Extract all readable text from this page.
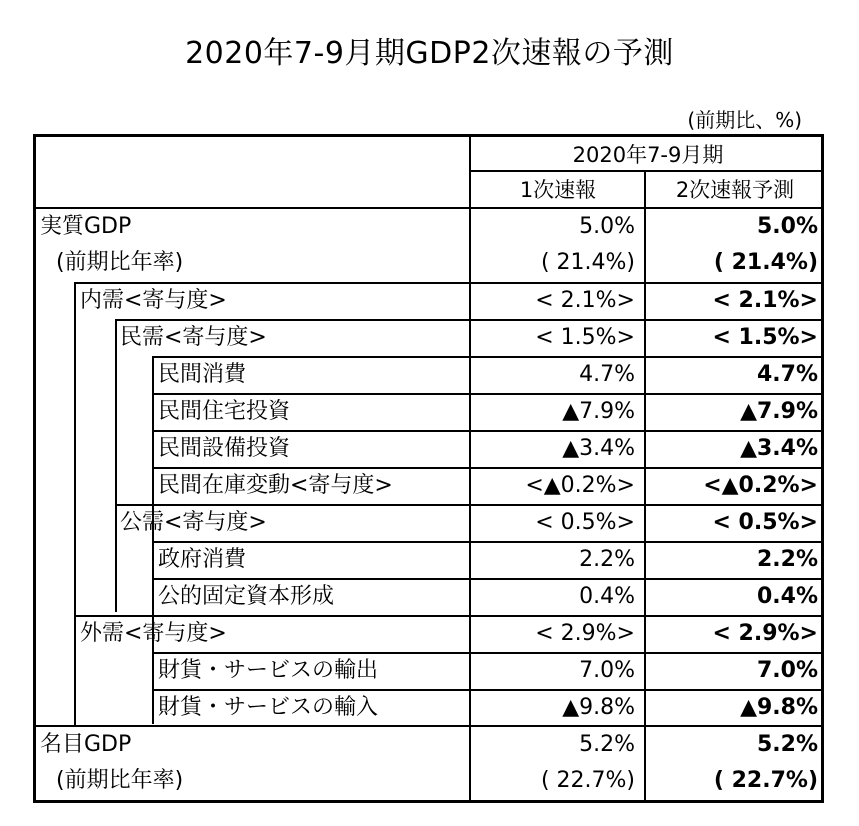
2020年7-9月期GDP2次速報の予測
(前期比、%)
2020年7-9月期
1次速報	2次速報予測
実質GDP
(前期比年率)
内需<寄与度>
民需<寄与度>
民間消費
民間住宅投資
民間設備投資
民間在庫変動<寄与度>
公需<寄与度>
政府消費
公的固定資本形成
外需<寄与度>
財貨・サービスの輸出
財貨・サービスの輸入
名目GDP
(前期比年率)
5.0%
( 21.4%)
< 2.1%>
< 1.5%>
4.7%
▲7.9%
▲3.4%
<▲0.2%>
< 0.5%>
2.2%
0.4%
< 2.9%>
7.0%
▲9.8%
5.2%
( 22.7%)
5.0%
( 21.4%)
< 2.1%>
< 1.5%>
4.7%
▲7.9%
▲3.4%
<▲0.2%>
< 0.5%>
2.2%
0.4%
< 2.9%>
7.0%
▲9.8%
5.2%
( 22.7%)
